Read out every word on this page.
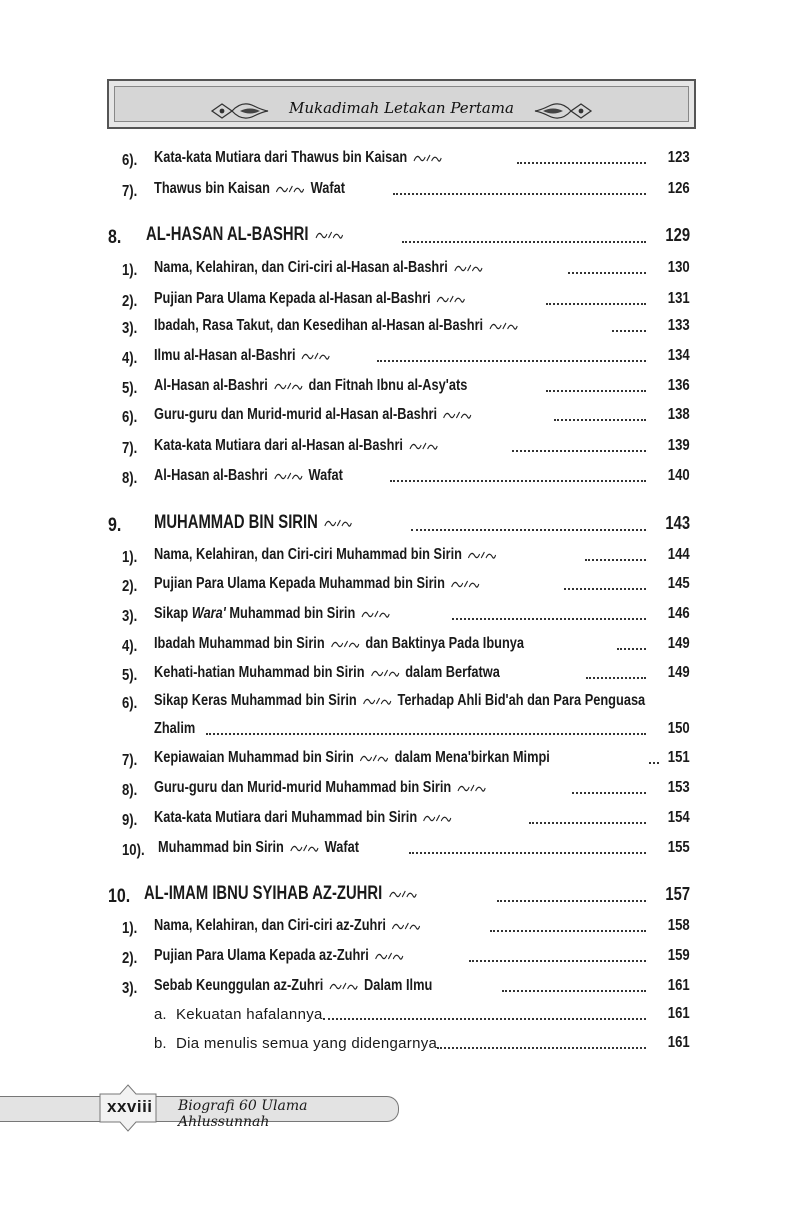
Mukadimah Letakan Pertama
6). Kata-kata Mutiara dari Thawus bin Kaisan	123
7). Thawus bin Kaisan	Wafat	126
8. AL-HASAN AL-BASHRI	129
1). Nama, Kelahiran, dan Ciri-ciri al-Hasan al-Bashri	130
2). Pujian Para Ulama Kepada al-Hasan al-Bashri	131
3). Ibadah, Rasa Takut, dan Kesedihan al-Hasan al-Bashri	133
4). Ilmu al-Hasan al-Bashri	134
5). Al-Hasan al-Bashri	dan Fitnah Ibnu al-Asy'ats	136
6). Guru-guru dan Murid-murid al-Hasan al-Bashri	138
7). Kata-kata Mutiara dari al-Hasan al-Bashri	139
8). Al-Hasan al-Bashri	Wafat	140
9. MUHAMMAD BIN SIRIN	143
1). Nama, Kelahiran, dan Ciri-ciri Muhammad bin Sirin	144
2). Pujian Para Ulama Kepada Muhammad bin Sirin	145
3). Sikap Wara' Muhammad bin Sirin	146
4). Ibadah Muhammad bin Sirin	dan Baktinya Pada Ibunya	149
5). Kehati-hatian Muhammad bin Sirin	dalam Berfatwa	149
6). Sikap Keras Muhammad bin Sirin	Terhadap Ahli Bid'ah dan Para Penguasa
Zhalim	150
7). Kepiawaian Muhammad bin Sirin	dalam Mena'birkan Mimpi	151
8). Guru-guru dan Murid-murid Muhammad bin Sirin	153
9). Kata-kata Mutiara dari Muhammad bin Sirin	154
10). Muhammad bin Sirin	Wafat	155
10. AL-IMAM IBNU SYIHAB AZ-ZUHRI	157
1). Nama, Kelahiran, dan Ciri-ciri az-Zuhri	158
2). Pujian Para Ulama Kepada az-Zuhri	159
3). Sebab Keunggulan az-Zuhri	Dalam Ilmu	161
a. Kekuatan hafalannya	161
b. Dia menulis semua yang didengarnya	161
xxviii Biografi 60 Ulama Ahlussunnah
